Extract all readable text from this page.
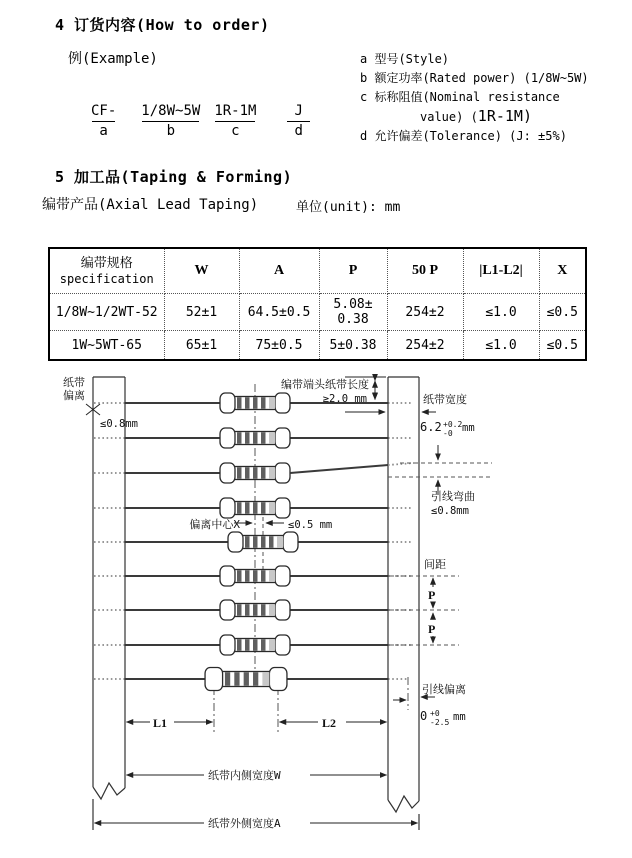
4 订货内容(How to order)
例(Example)
CF-
a
1/8W~5W
b
1R-1M
c
J
d
a 型号(Style)
b 额定功率(Rated power) (1/8W~5W)
c 标称阻值(Nominal resistance
value) (1R-1M)
d 允许偏差(Tolerance) (J: ±5%)
5 加工品(Taping & Forming)
编带产品(Axial Lead Taping)	单位(unit): mm
编带规格
specification	W	A	P	50 P	|L1-L2|	X
1/8W~1/2WT-52	52±1	64.5±0.5	5.08± 0.38	254±2	≤1.0	≤0.5
1W~5WT-65	65±1	75±0.5	5±0.38	254±2	≤1.0	≤0.5
纸带
偏离
≤0.8mm
编带端头纸带长度
≥2.0 mm	纸带宽度
6.2 +0.2
-0 mm
引线弯曲
≤0.8mm
偏离中心X	≤0.5 mm
间距
P
P
引线偏离
0 +0
-2.5 mm
L1	L2
纸带内侧宽度W
纸带外侧宽度A
